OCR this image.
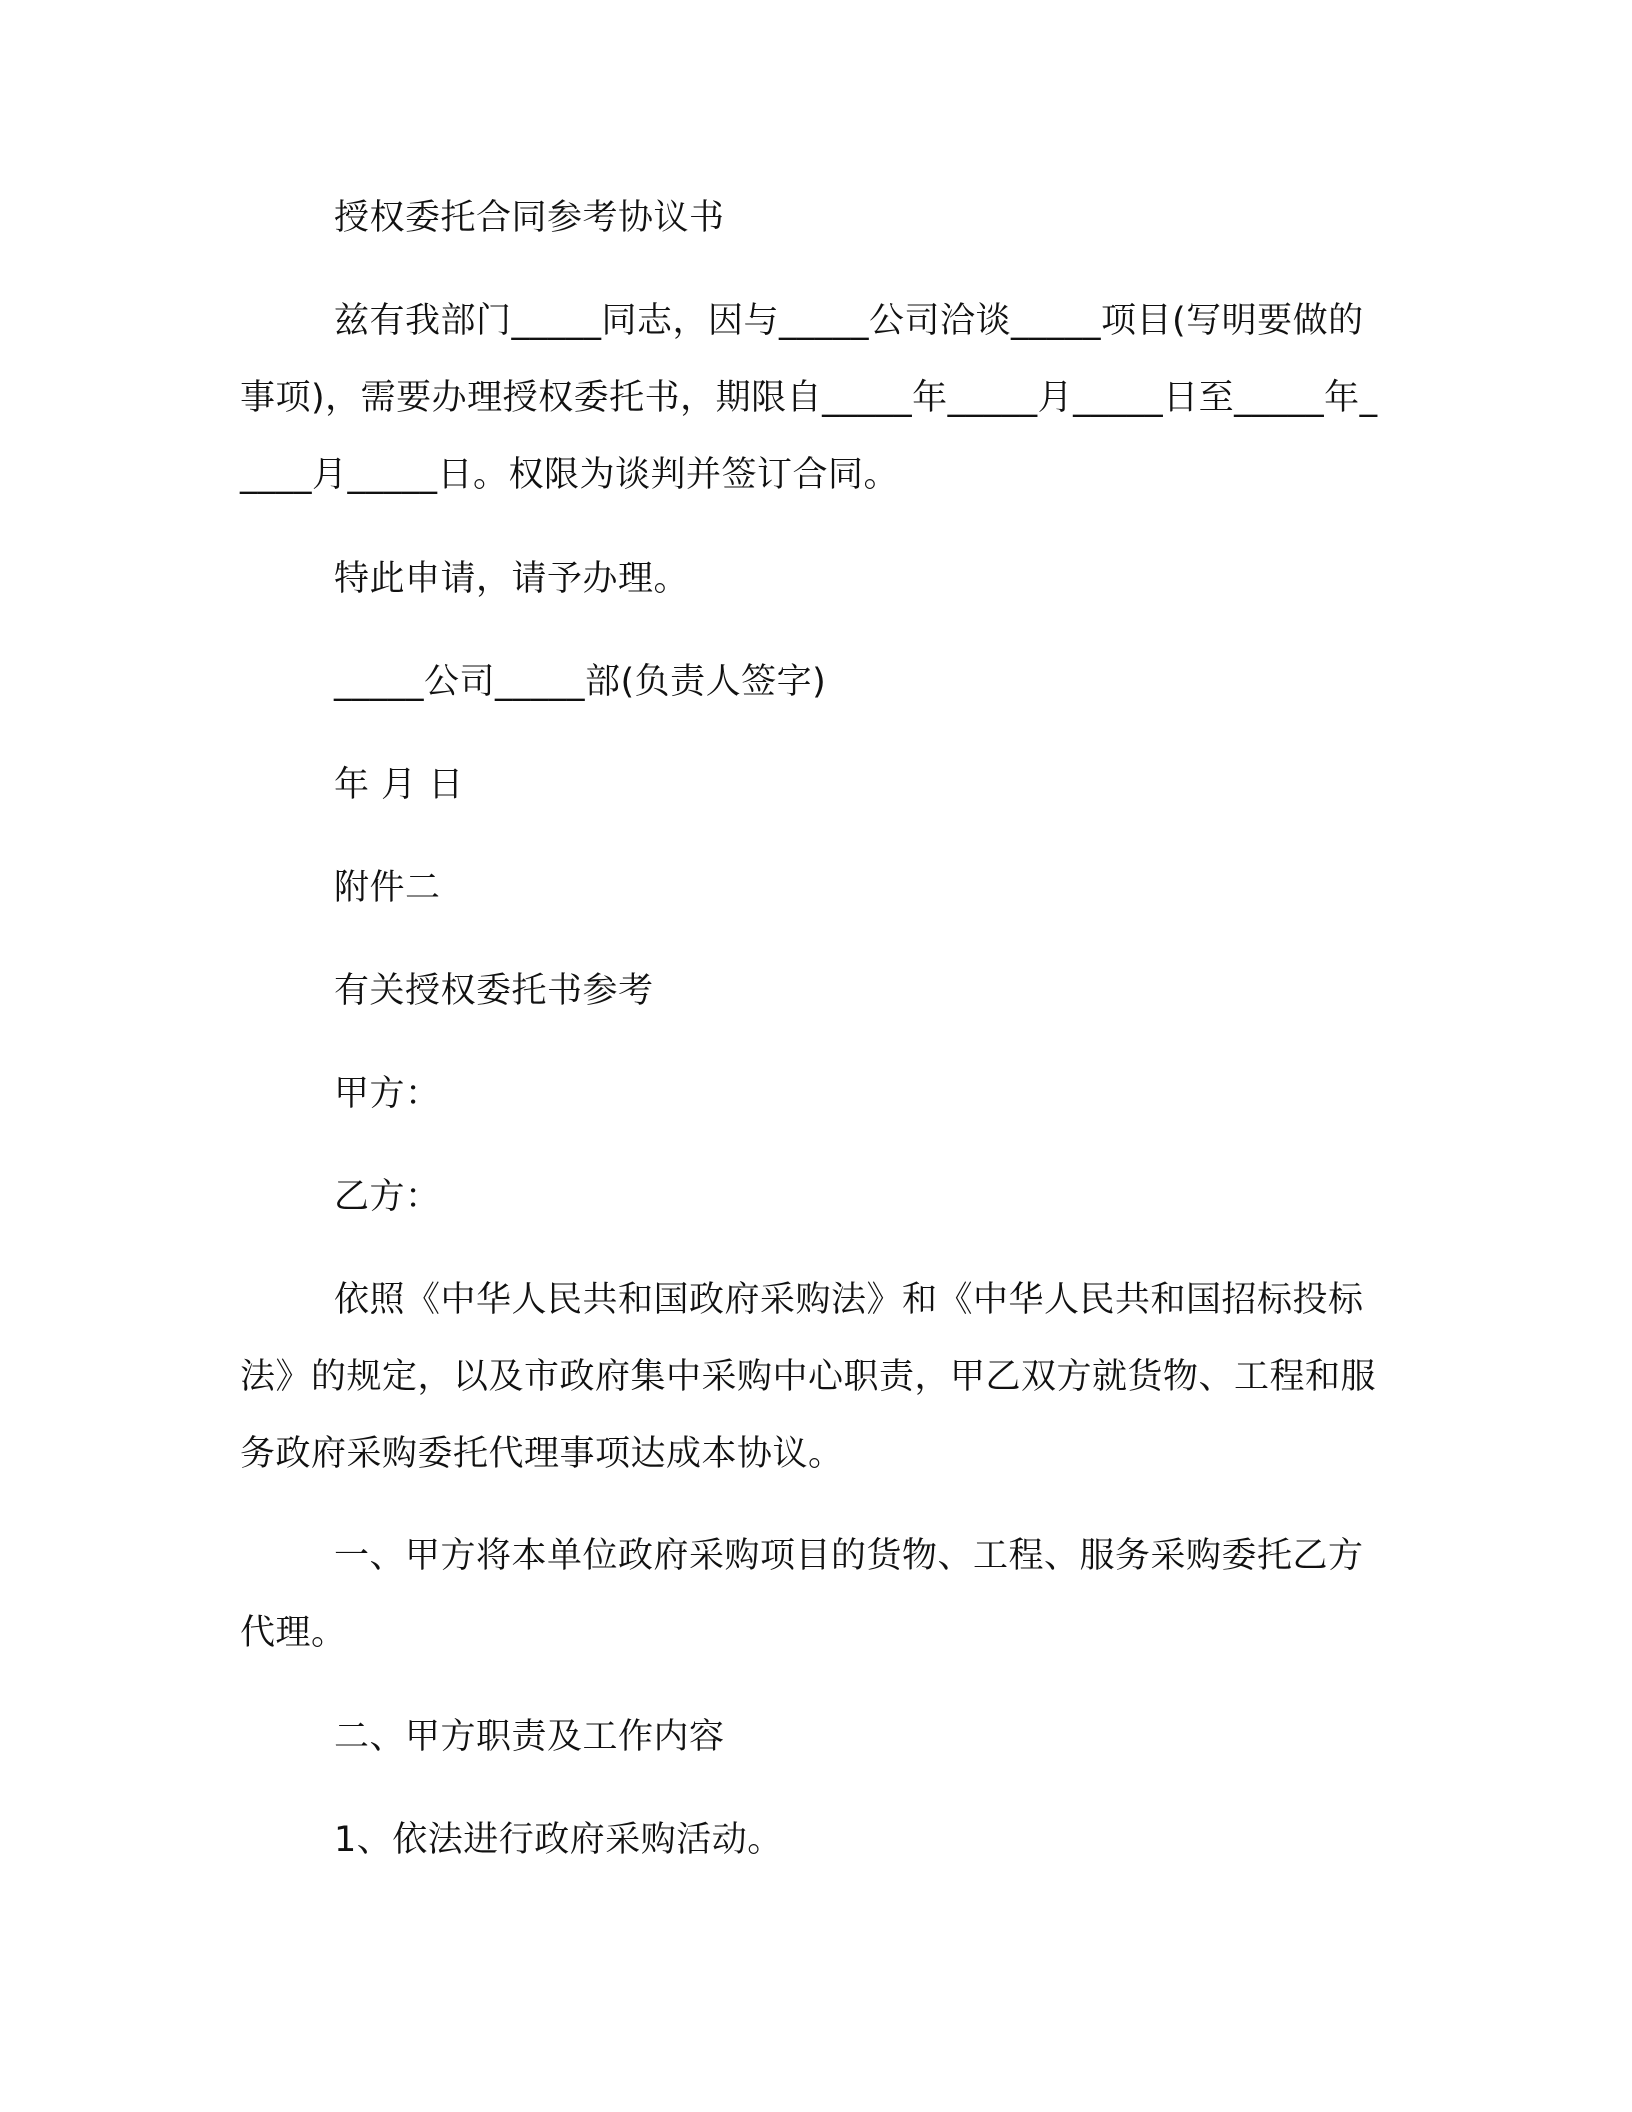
授权委托合同参考协议书

兹有我部门_____同志，因与_____公司洽谈_____项目(写明要做的事项)，需要办理授权委托书，期限自_____年_____月_____日至_____年_____月_____日。权限为谈判并签订合同。

特此申请，请予办理。

_____公司_____部(负责人签字)

年 月 日

附件二

有关授权委托书参考

甲方：

乙方：

依照《中华人民共和国政府采购法》和《中华人民共和国招标投标法》的规定，以及市政府集中采购中心职责，甲乙双方就货物、工程和服务政府采购委托代理事项达成本协议。

一、甲方将本单位政府采购项目的货物、工程、服务采购委托乙方代理。

二、甲方职责及工作内容

1、依法进行政府采购活动。
